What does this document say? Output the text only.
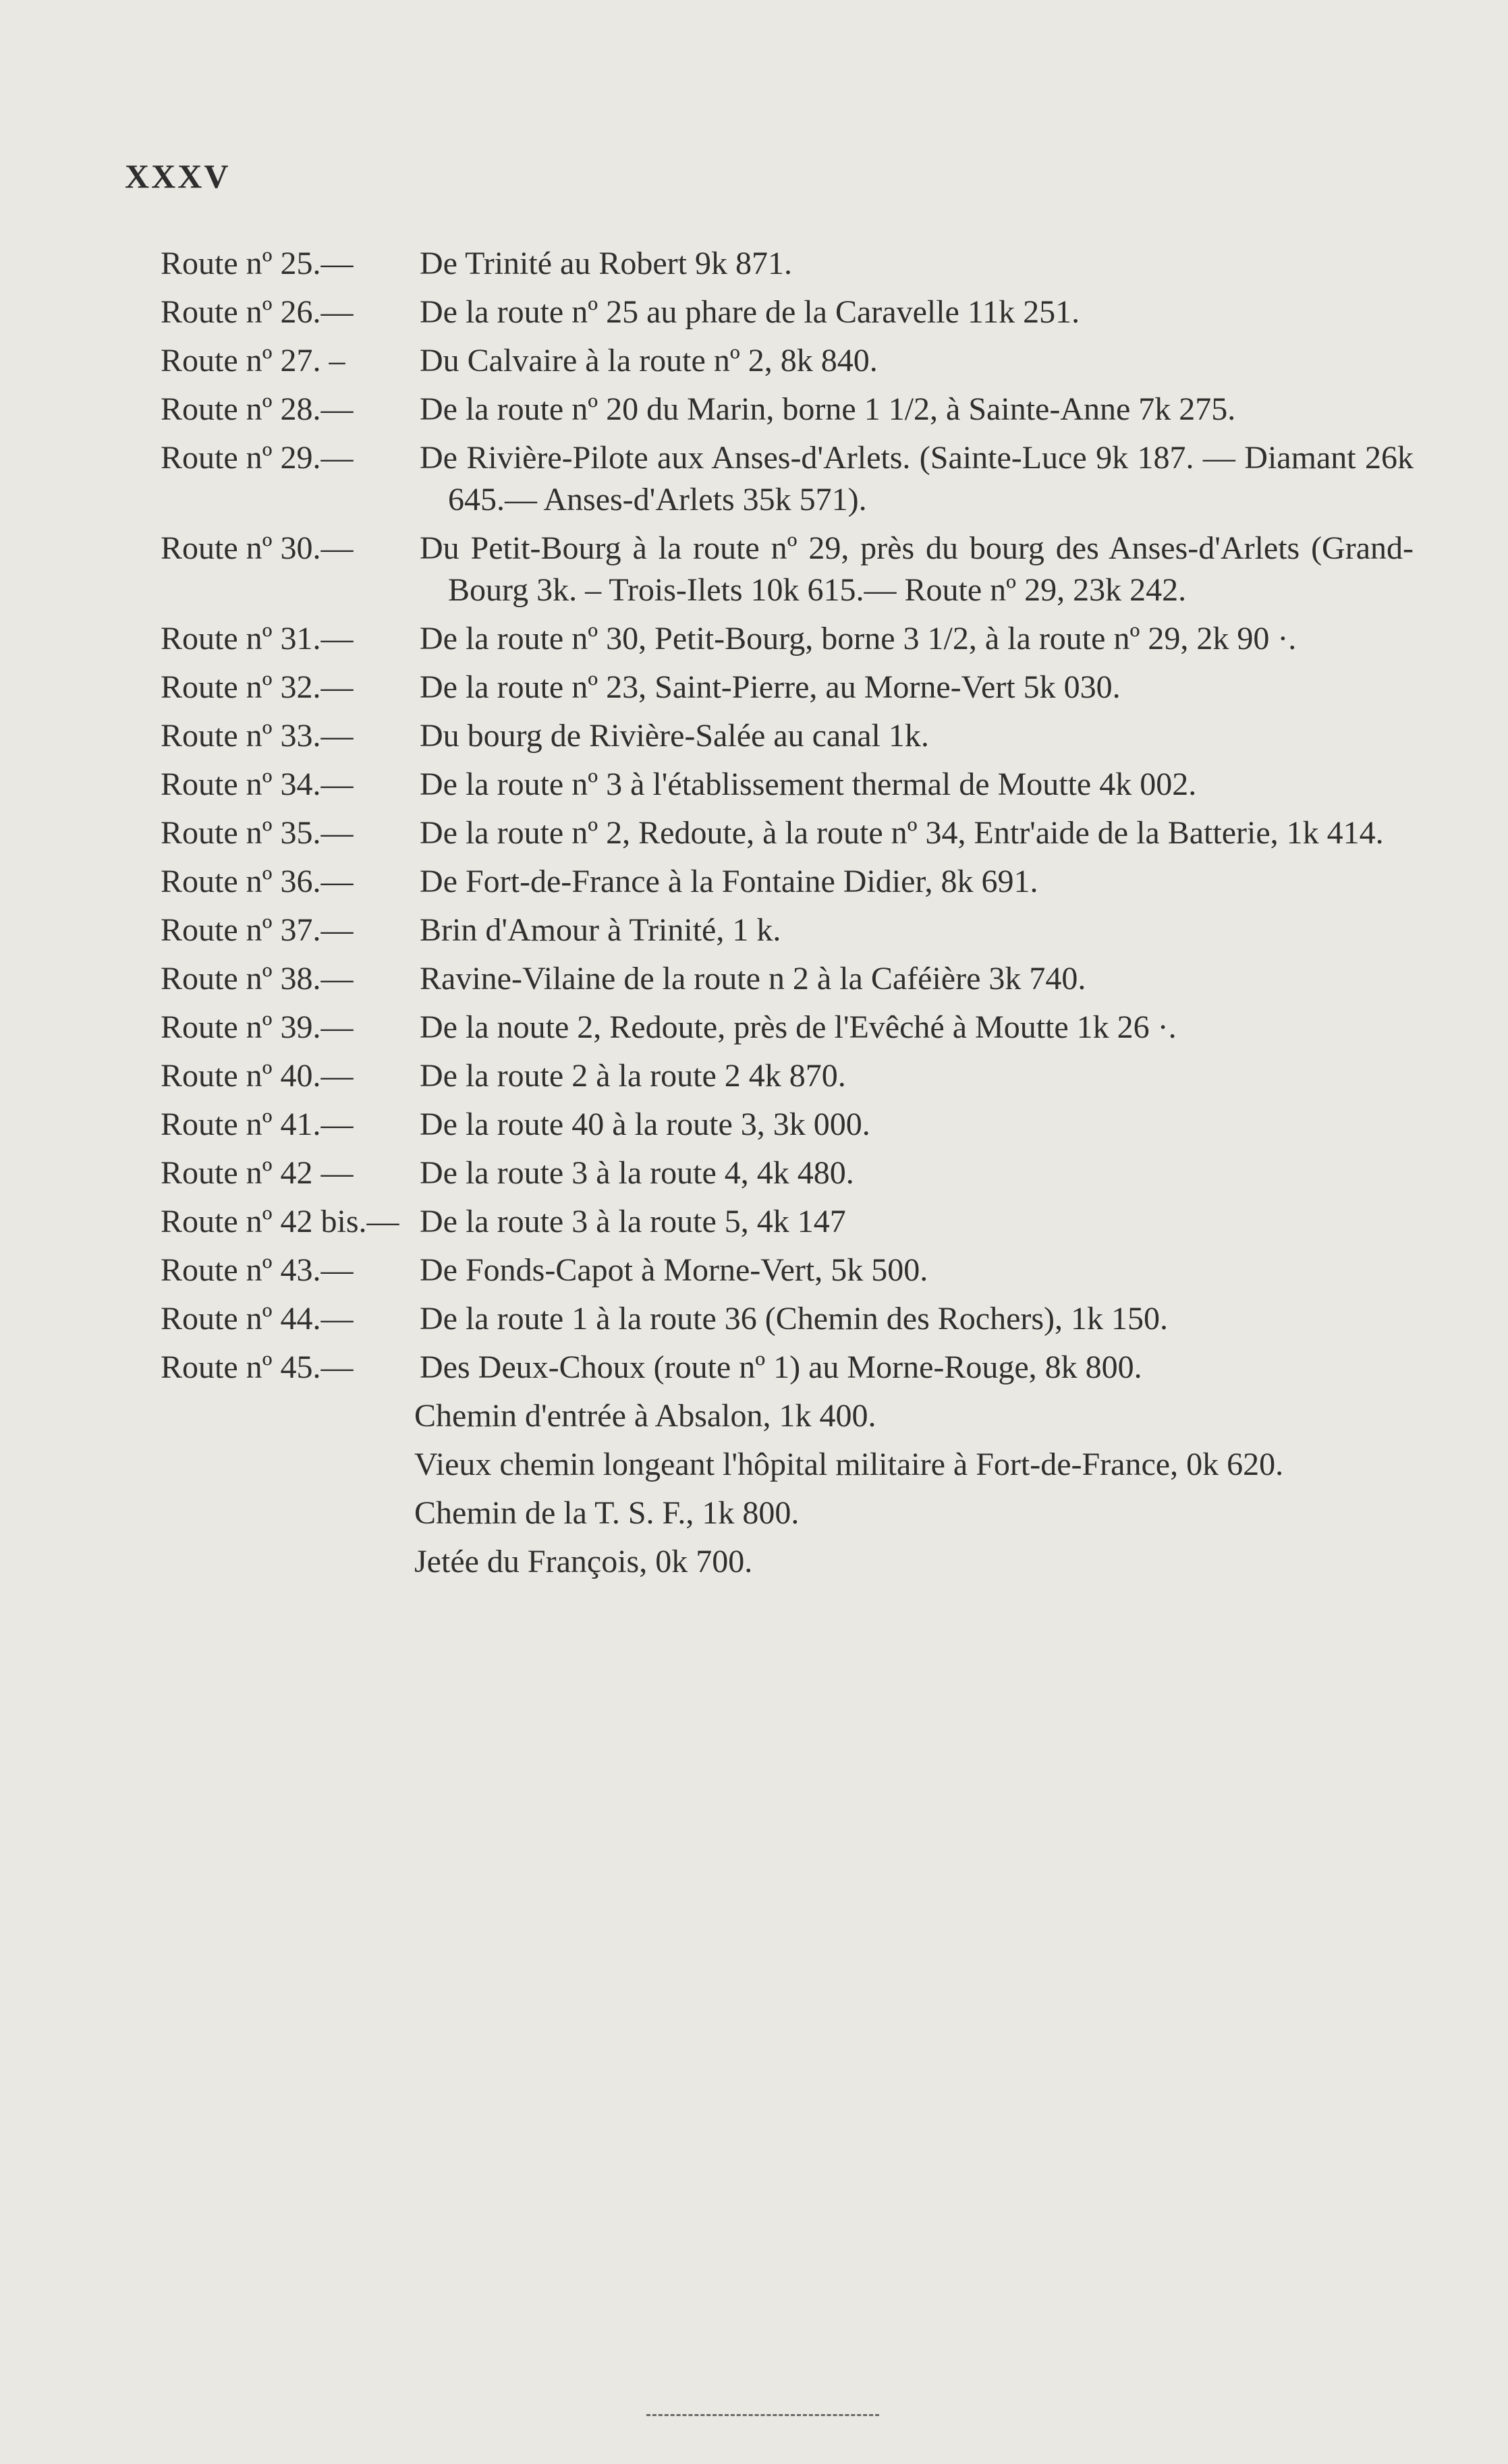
XXXV
Route nº 25.—	De Trinité au Robert 9k 871.
Route nº 26.—	De la route nº 25 au phare de la Caravelle 11k 251.
Route nº 27. –	Du Calvaire à la route nº 2, 8k 840.
Route nº 28.—	De la route nº 20 du Marin, borne 1 1/2, à Sainte-Anne 7k 275.
Route nº 29.—	De Rivière-Pilote aux Anses-d'Arlets. (Sainte-Luce 9k 187. — Diamant 26k 645.— Anses-d'Arlets 35k 571).
Route nº 30.—	Du Petit-Bourg à la route nº 29, près du bourg des Anses-d'Arlets (Grand-Bourg 3k. – Trois-Ilets 10k 615.— Route nº 29, 23k 242.
Route nº 31.—	De la route nº 30, Petit-Bourg, borne 3 1/2, à la route nº 29, 2k 90 ·.
Route nº 32.—	De la route nº 23, Saint-Pierre, au Morne-Vert 5k 030.
Route nº 33.—	Du bourg de Rivière-Salée au canal 1k.
Route nº 34.—	De la route nº 3 à l'établissement thermal de Moutte 4k 002.
Route nº 35.—	De la route nº 2, Redoute, à la route nº 34, Entr'aide de la Batterie, 1k 414.
Route nº 36.—	De Fort-de-France à la Fontaine Didier, 8k 691.
Route nº 37.—	Brin d'Amour à Trinité, 1 k.
Route nº 38.—	Ravine-Vilaine de la route n 2 à la Caféière 3k 740.
Route nº 39.—	De la noute 2, Redoute, près de l'Evêché à Moutte 1k 26 ·.
Route nº 40.—	De la route 2 à la route 2 4k 870.
Route nº 41.—	De la route 40 à la route 3, 3k 000.
Route nº 42 —	De la route 3 à la route 4, 4k 480.
Route nº 42 bis.— De la route 3 à la route 5, 4k 147
Route nº 43.—	De Fonds-Capot à Morne-Vert, 5k 500.
Route nº 44.—	De la route 1 à la route 36 (Chemin des Rochers), 1k 150.
Route nº 45.—	Des Deux-Choux (route nº 1) au Morne-Rouge, 8k 800.
Chemin d'entrée à Absalon, 1k 400.
Vieux chemin longeant l'hôpital militaire à Fort-de-France, 0k 620.
Chemin de la T. S. F., 1k 800.
Jetée du François, 0k 700.
